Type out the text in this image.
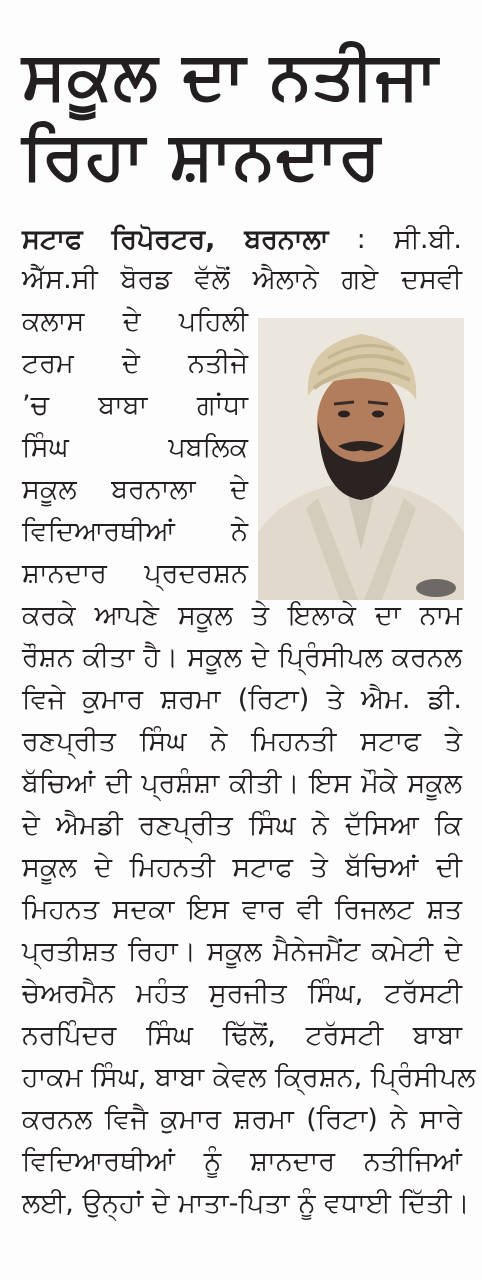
ਸਕੂਲ ਦਾ ਨਤੀਜਾ
ਰਿਹਾ ਸ਼ਾਨਦਾਰ
ਸਟਾਫ ਰਿਪੋਰਟਰ, ਬਰਨਾਲਾ : ਸੀ.ਬੀ.
ਐੱਸ.ਸੀ ਬੋਰਡ ਵੱਲੋਂ ਐਲਾਨੇ ਗਏ ਦਸਵੀ
ਕਲਾਸ ਦੇ ਪਹਿਲੀ
ਟਰਮ ਦੇ ਨਤੀਜੇ
’ਚ ਬਾਬਾ ਗਾਂਧਾ
ਸਿੰਘ ਪਬਲਿਕ
ਸਕੂਲ ਬਰਨਾਲਾ ਦੇ
ਵਿਦਿਆਰਥੀਆਂ ਨੇ
ਸ਼ਾਨਦਾਰ ਪ੍ਰਦਰਸ਼ਨ
ਕਰਕੇ ਆਪਣੇ ਸਕੂਲ ਤੇ ਇਲਾਕੇ ਦਾ ਨਾਮ
ਰੌਸ਼ਨ ਕੀਤਾ ਹੈ। ਸਕੂਲ ਦੇ ਪ੍ਰਿੰਸੀਪਲ ਕਰਨਲ
ਵਿਜੇ ਕੁਮਾਰ ਸ਼ਰਮਾ (ਰਿਟਾ) ਤੇ ਐਮ. ਡੀ.
ਰਣਪ੍ਰੀਤ ਸਿੰਘ ਨੇ ਮਿਹਨਤੀ ਸਟਾਫ ਤੇ
ਬੱਚਿਆਂ ਦੀ ਪ੍ਰਸ਼ੰਸ਼ਾ ਕੀਤੀ। ਇਸ ਮੌਕੇ ਸਕੂਲ
ਦੇ ਐਮਡੀ ਰਣਪ੍ਰੀਤ ਸਿੰਘ ਨੇ ਦੱਸਿਆ ਕਿ
ਸਕੂਲ ਦੇ ਮਿਹਨਤੀ ਸਟਾਫ ਤੇ ਬੱਚਿਆਂ ਦੀ
ਮਿਹਨਤ ਸਦਕਾ ਇਸ ਵਾਰ ਵੀ ਰਿਜਲਟ ਸ਼ਤ
ਪ੍ਰਤੀਸ਼ਤ ਰਿਹਾ। ਸਕੂਲ ਮੈਨੇਜਮੈਂਟ ਕਮੇਟੀ ਦੇ
ਚੇਅਰਮੈਨ ਮਹੰਤ ਸੁਰਜੀਤ ਸਿੰਘ, ਟਰੱਸਟੀ
ਨਰਪਿੰਦਰ ਸਿੰਘ ਢਿੱਲੋਂ, ਟਰੱਸਟੀ ਬਾਬਾ
ਹਾਕਮ ਸਿੰਘ, ਬਾਬਾ ਕੇਵਲ ਕ੍ਰਿਸ਼ਨ, ਪ੍ਰਿੰਸੀਪਲ
ਕਰਨਲ ਵਿਜੈ ਕੁਮਾਰ ਸ਼ਰਮਾ (ਰਿਟਾ) ਨੇ ਸਾਰੇ
ਵਿਦਿਆਰਥੀਆਂ ਨੂੰ ਸ਼ਾਨਦਾਰ ਨਤੀਜਿਆਂ
ਲਈ, ਉਨ੍ਹਾਂ ਦੇ ਮਾਤਾ-ਪਿਤਾ ਨੂੰ ਵਧਾਈ ਦਿੱਤੀ।
